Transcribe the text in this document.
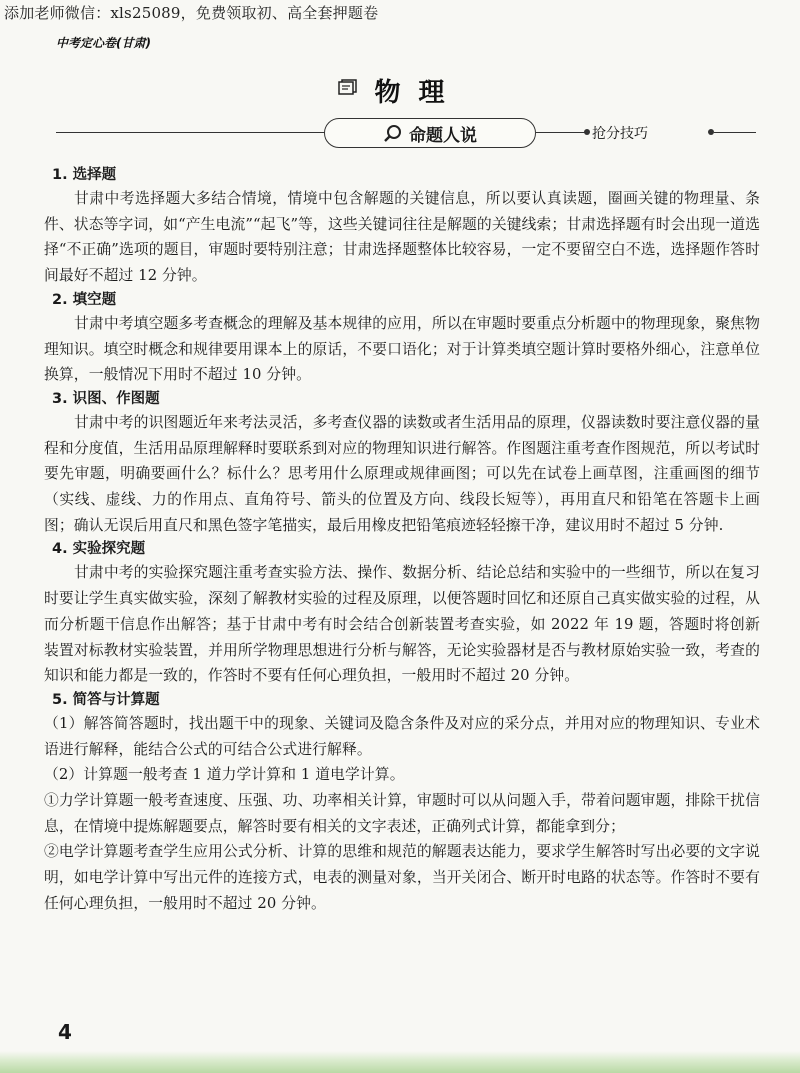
添加老师微信：xls25089，免费领取初、高全套押题卷
中考定心卷(甘肃)
物理
命题人说	抢分技巧
1. 选择题

甘肃中考选择题大多结合情境，情境中包含解题的关键信息，所以要认真读题，圈画关键的物理量、条件、状态等字词，如“产生电流”“起飞”等，这些关键词往往是解题的关键线索；甘肃选择题有时会出现一道选择“不正确”选项的题目，审题时要特别注意；甘肃选择题整体比较容易，一定不要留空白不选，选择题作答时间最好不超过 12 分钟。

2. 填空题

甘肃中考填空题多考查概念的理解及基本规律的应用，所以在审题时要重点分析题中的物理现象，聚焦物理知识。填空时概念和规律要用课本上的原话，不要口语化；对于计算类填空题计算时要格外细心，注意单位换算，一般情况下用时不超过 10 分钟。

3. 识图、作图题

甘肃中考的识图题近年来考法灵活，多考查仪器的读数或者生活用品的原理，仪器读数时要注意仪器的量程和分度值，生活用品原理解释时要联系到对应的物理知识进行解答。作图题注重考查作图规范，所以考试时要先审题，明确要画什么？标什么？思考用什么原理或规律画图；可以先在试卷上画草图，注重画图的细节（实线、虚线、力的作用点、直角符号、箭头的位置及方向、线段长短等），再用直尺和铅笔在答题卡上画图；确认无误后用直尺和黑色签字笔描实，最后用橡皮把铅笔痕迹轻轻擦干净，建议用时不超过 5 分钟.

4. 实验探究题

甘肃中考的实验探究题注重考查实验方法、操作、数据分析、结论总结和实验中的一些细节，所以在复习时要让学生真实做实验，深刻了解教材实验的过程及原理，以便答题时回忆和还原自己真实做实验的过程，从而分析题干信息作出解答；基于甘肃中考有时会结合创新装置考查实验，如 2022 年 19 题，答题时将创新装置对标教材实验装置，并用所学物理思想进行分析与解答，无论实验器材是否与教材原始实验一致，考查的知识和能力都是一致的，作答时不要有任何心理负担，一般用时不超过 20 分钟。

5. 简答与计算题

（1）解答简答题时，找出题干中的现象、关键词及隐含条件及对应的采分点，并用对应的物理知识、专业术语进行解释，能结合公式的可结合公式进行解释。

（2）计算题一般考查 1 道力学计算和 1 道电学计算。

①力学计算题一般考查速度、压强、功、功率相关计算，审题时可以从问题入手，带着问题审题，排除干扰信息，在情境中提炼解题要点，解答时要有相关的文字表述，正确列式计算，都能拿到分；

②电学计算题考查学生应用公式分析、计算的思维和规范的解题表达能力，要求学生解答时写出必要的文字说明，如电学计算中写出元件的连接方式，电表的测量对象，当开关闭合、断开时电路的状态等。作答时不要有任何心理负担，一般用时不超过 20 分钟。

4
